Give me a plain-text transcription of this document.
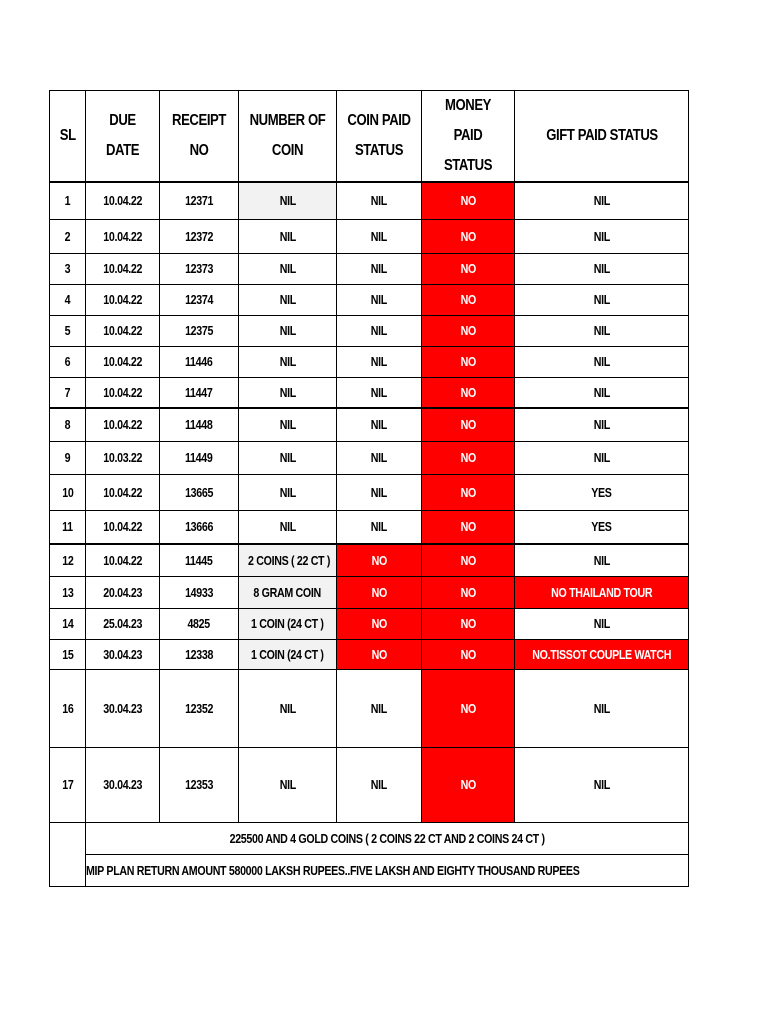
SL	DUE DATE	RECEIPT NO	NUMBER OF COIN	COIN PAID STATUS	MONEY PAID STATUS	GIFT PAID STATUS
1	10.04.22	12371	NIL	NIL	NO	NIL
2	10.04.22	12372	NIL	NIL	NO	NIL
3	10.04.22	12373	NIL	NIL	NO	NIL
4	10.04.22	12374	NIL	NIL	NO	NIL
5	10.04.22	12375	NIL	NIL	NO	NIL
6	10.04.22	11446	NIL	NIL	NO	NIL
7	10.04.22	11447	NIL	NIL	NO	NIL
8	10.04.22	11448	NIL	NIL	NO	NIL
9	10.03.22	11449	NIL	NIL	NO	NIL
10	10.04.22	13665	NIL	NIL	NO	YES
11	10.04.22	13666	NIL	NIL	NO	YES
12	10.04.22	11445	2 COINS ( 22 CT )	NO	NO	NIL
13	20.04.23	14933	8 GRAM COIN	NO	NO	NO THAILAND TOUR
14	25.04.23	4825	1 COIN (24 CT )	NO	NO	NIL
15	30.04.23	12338	1 COIN (24 CT )	NO	NO	NO.TISSOT COUPLE WATCH
16	30.04.23	12352	NIL	NIL	NO	NIL
17	30.04.23	12353	NIL	NIL	NO	NIL
	225500 AND 4 GOLD COINS ( 2 COINS 22 CT AND 2 COINS 24 CT )					
	MIP PLAN RETURN AMOUNT 580000 LAKSH RUPEES..FIVE LAKSH AND EIGHTY THOUSAND RUPEES					
